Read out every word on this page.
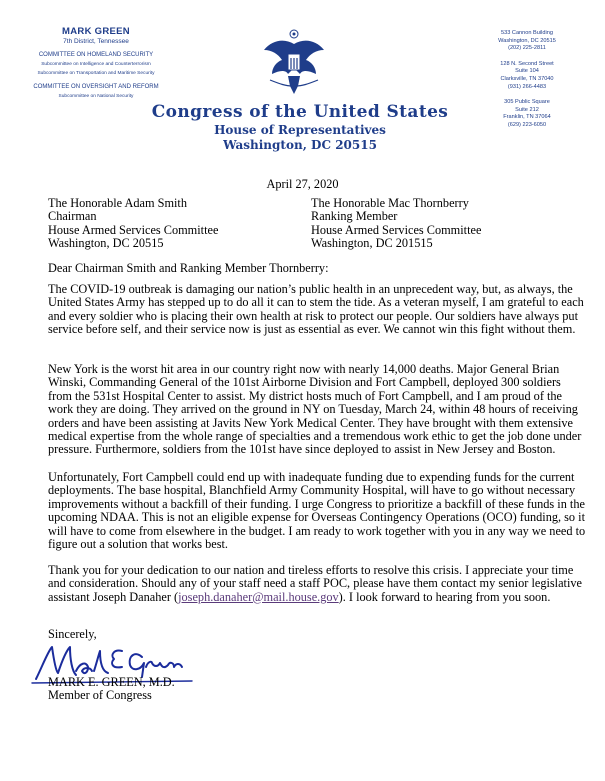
MARK GREEN
7th District, Tennessee
COMMITTEE ON HOMELAND SECURITY
Subcommittee on Intelligence and Counterterrorism
Subcommittee on Transportation and Maritime Security
COMMITTEE ON OVERSIGHT AND REFORM
Subcommittee on National Security
Congress of the United States
House of Representatives
Washington, DC 20515
533 Cannon Building
Washington, DC 20515
(202) 225-2811
128 N. Second Street
Suite 104
Clarksville, TN 37040
(931) 266-4483
305 Public Square
Suite 212
Franklin, TN 37064
(629) 223-6050
April 27, 2020
The Honorable Adam Smith
Chairman
House Armed Services Committee
Washington, DC 20515
The Honorable Mac Thornberry
Ranking Member
House Armed Services Committee
Washington, DC 201515
Dear Chairman Smith and Ranking Member Thornberry:

The COVID-19 outbreak is damaging our nation’s public health in an unprecedent way, but, as always, the United States Army has stepped up to do all it can to stem the tide. As a veteran myself, I am grateful to each and every soldier who is placing their own health at risk to protect our people. Our soldiers have always put service before self, and their service now is just as essential as ever. We cannot win this fight without them.

New York is the worst hit area in our country right now with nearly 14,000 deaths. Major General Brian Winski, Commanding General of the 101st Airborne Division and Fort Campbell, deployed 300 soldiers from the 531st Hospital Center to assist. My district hosts much of Fort Campbell, and I am proud of the work they are doing. They arrived on the ground in NY on Tuesday, March 24, within 48 hours of receiving orders and have been assisting at Javits New York Medical Center. They have brought with them extensive medical expertise from the whole range of specialties and a tremendous work ethic to get the job done under pressure. Furthermore, soldiers from the 101st have since deployed to assist in New Jersey and Boston.

Unfortunately, Fort Campbell could end up with inadequate funding due to expending funds for the current deployments. The base hospital, Blanchfield Army Community Hospital, will have to go without necessary improvements without a backfill of their funding. I urge Congress to prioritize a backfill of these funds in the upcoming NDAA. This is not an eligible expense for Overseas Contingency Operations (OCO) funding, so it will have to come from elsewhere in the budget. I am ready to work together with you in any way we need to figure out a solution that works best.

Thank you for your dedication to our nation and tireless efforts to resolve this crisis. I appreciate your time and consideration. Should any of your staff need a staff POC, please have them contact my senior legislative assistant Joseph Danaher (joseph.danaher@mail.house.gov). I look forward to hearing from you soon.

Sincerely,
MARK E. GREEN, M.D.
Member of Congress
